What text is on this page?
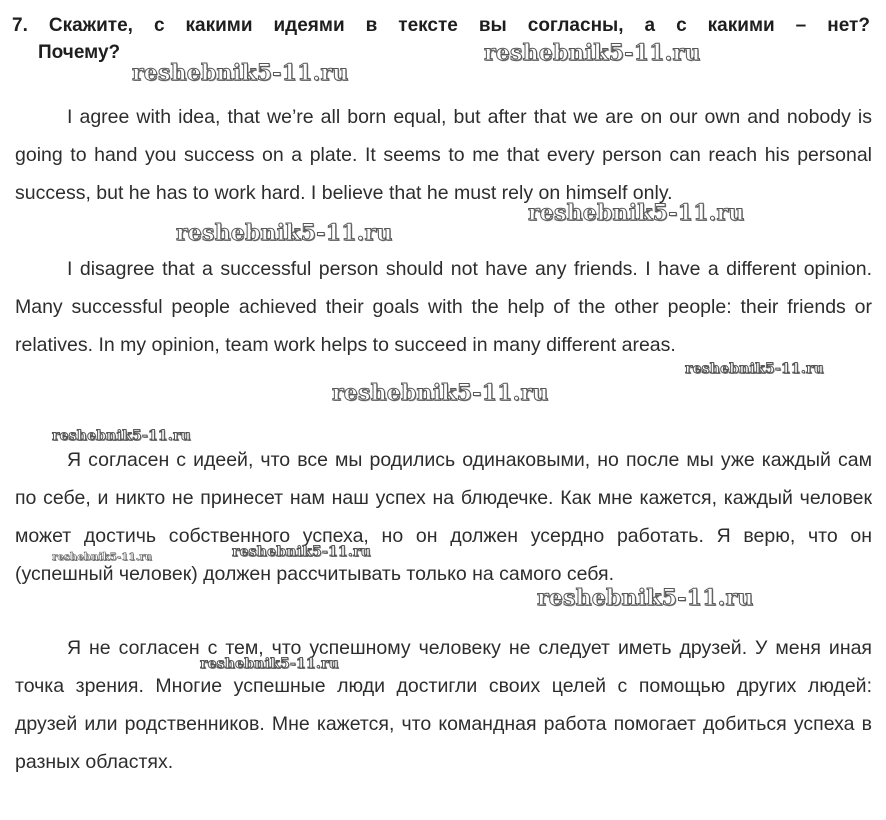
7. Скажите, с какими идеями в тексте вы согласны, а с какими – нет?
Почему?

I agree with idea, that we’re all born equal, but after that we are on our own and nobody is going to hand you success on a plate. It seems to me that every person can reach his personal success, but he has to work hard. I believe that he must rely on himself only.

I disagree that a successful person should not have any friends. I have a different opinion. Many successful people achieved their goals with the help of the other people: their friends or relatives. In my opinion, team work helps to succeed in many different areas.

Я согласен с идеей, что все мы родились одинаковыми, но после мы уже каждый сам по себе, и никто не принесет нам наш успех на блюдечке. Как мне кажется, каждый человек может достичь собственного успеха, но он должен усердно работать. Я верю, что он (успешный человек) должен рассчитывать только на самого себя.

Я не согласен с тем, что успешному человеку не следует иметь друзей. У меня иная точка зрения. Многие успешные люди достигли своих целей с помощью других людей: друзей или родственников. Мне кажется, что командная работа помогает добиться успеха в разных областях.

reshebnik5-11.ru
reshebnik5-11.ru
reshebnik5-11.ru
reshebnik5-11.ru
reshebnik5-11.ru
reshebnik5-11.ru
reshebnik5-11.ru
reshebnik5-11.ru	reshebnik5-11.ru
reshebnik5-11.ru
reshebnik5-11.ru
